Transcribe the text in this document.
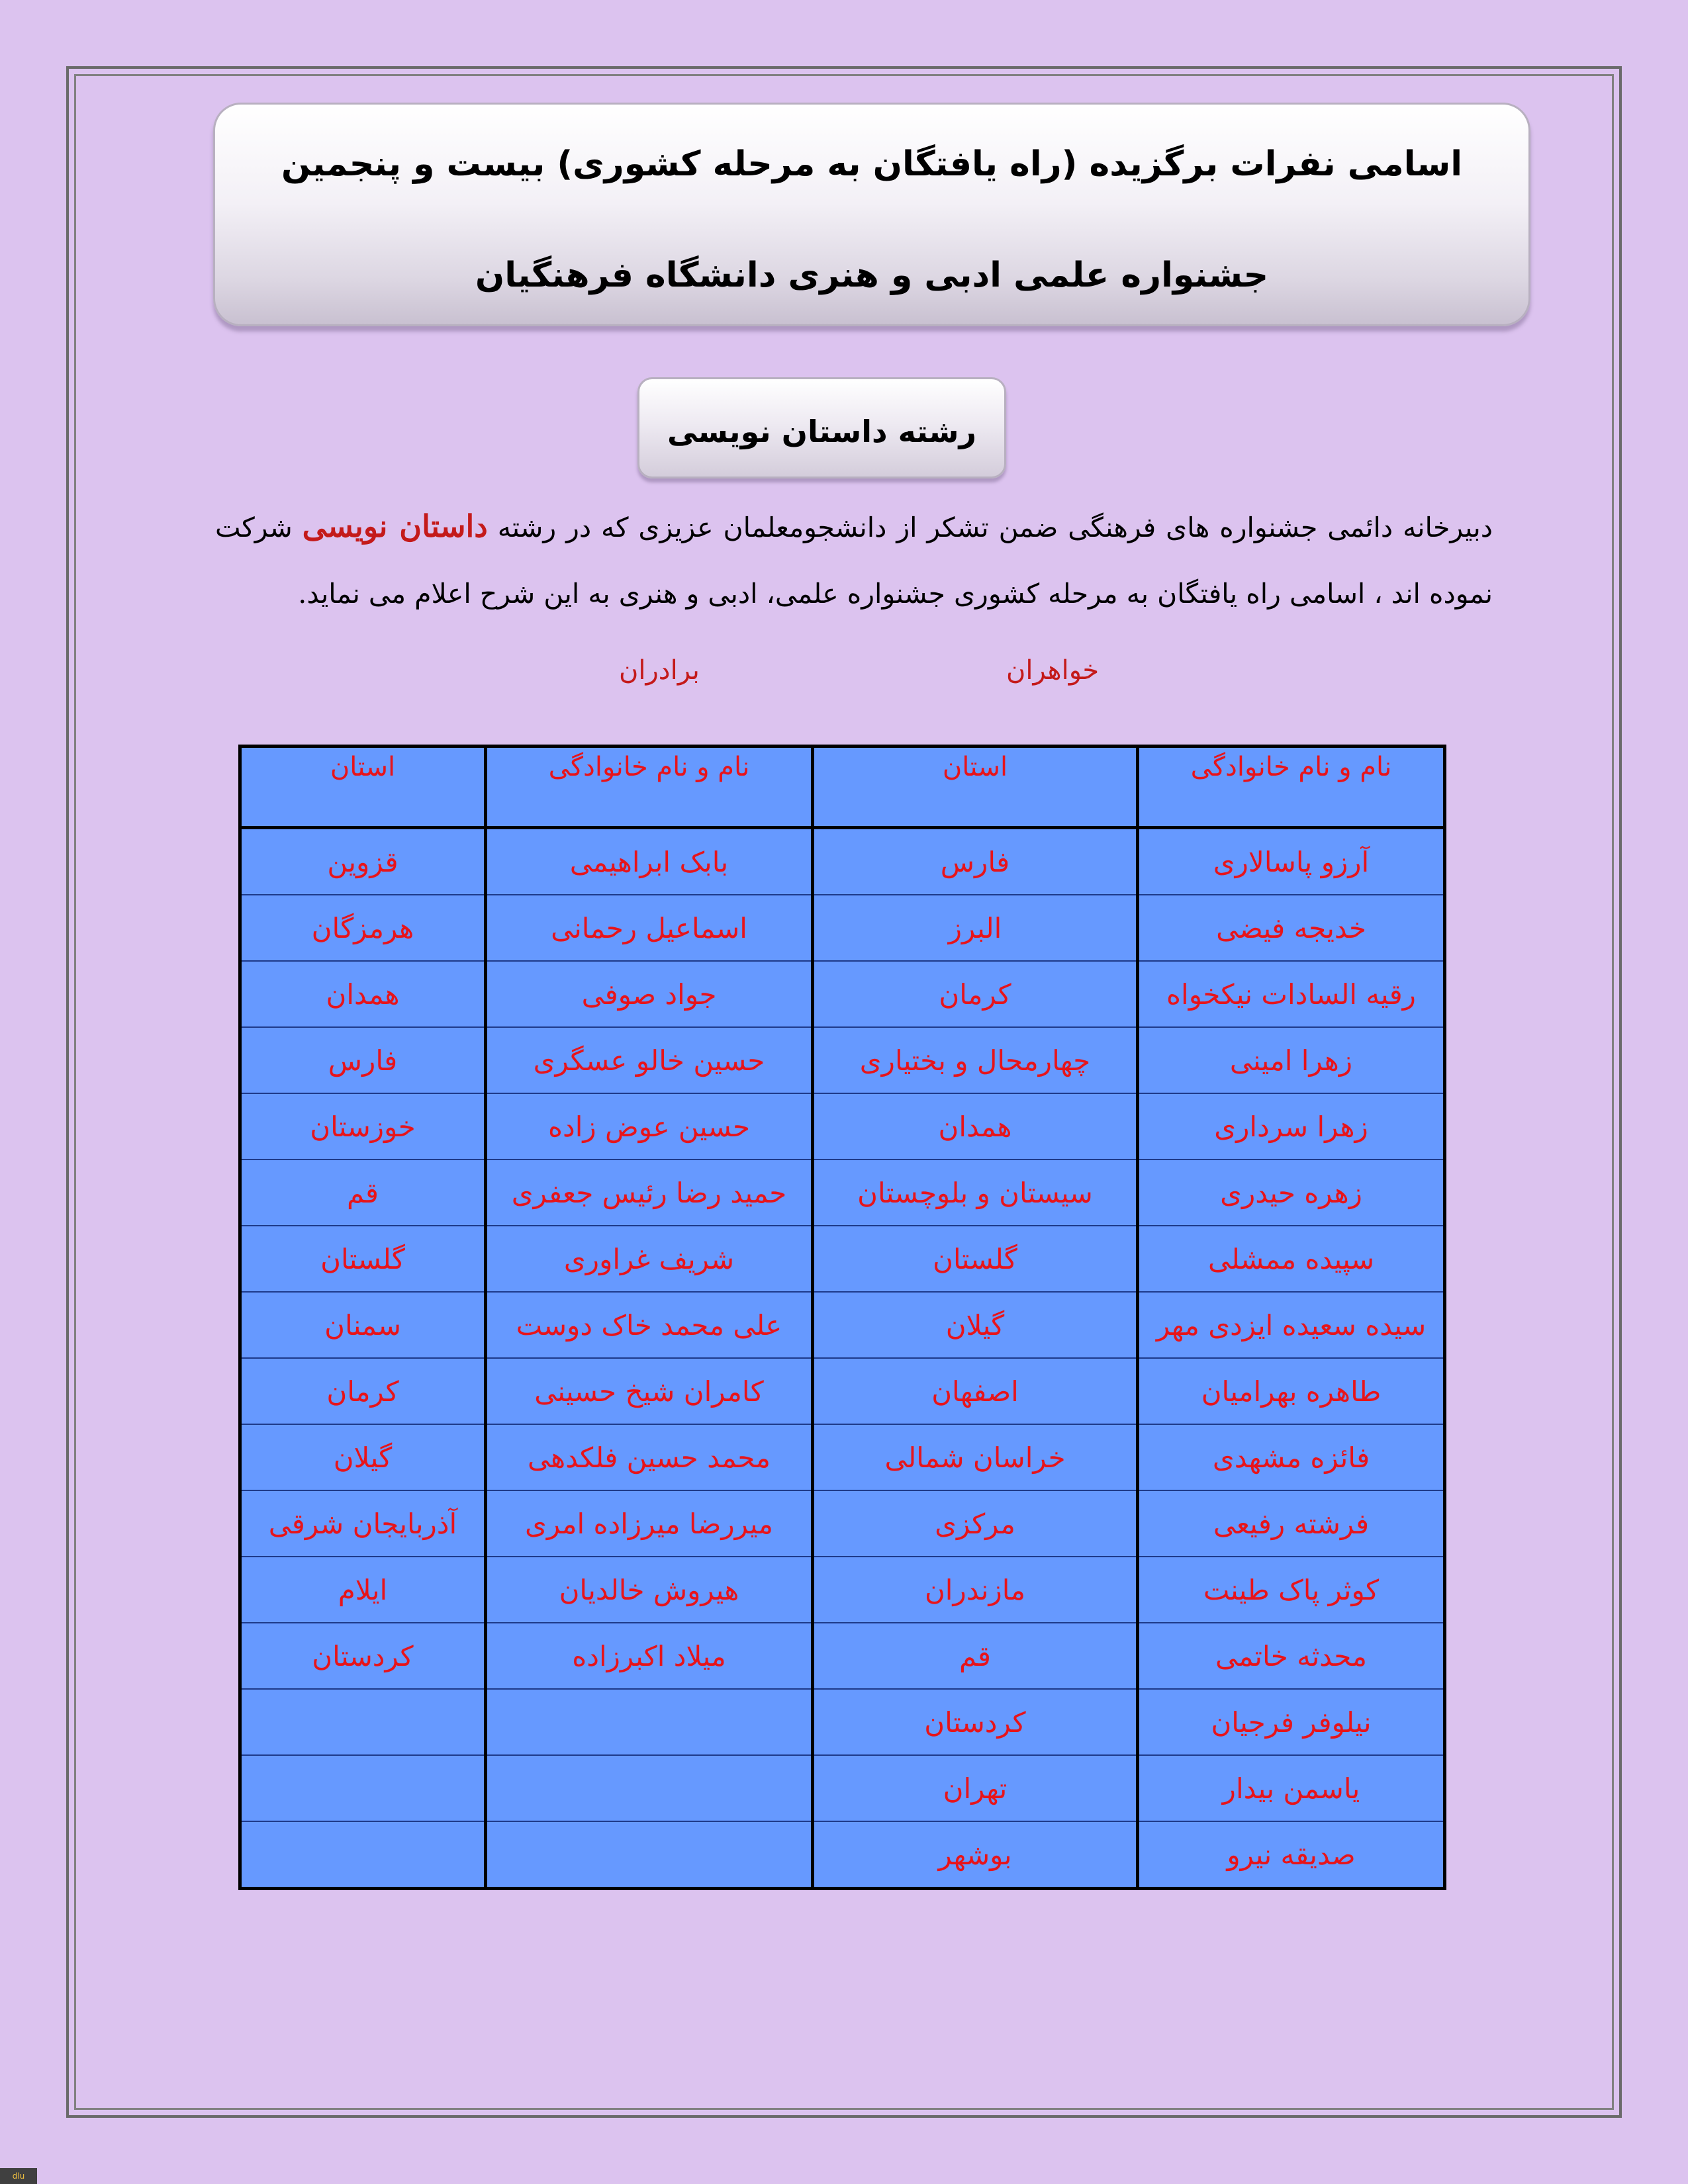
اسامی نفرات برگزیده (راه یافتگان به مرحله کشوری) بیست و پنجمین
جشنواره علمی ادبی و هنری دانشگاه فرهنگیان
رشته داستان نویسی
دبیرخانه دائمی جشنواره های فرهنگی ضمن تشکر از دانشجومعلمان عزیزی که در رشته داستان نویسی شرکت نموده اند ، اسامی راه یافتگان به مرحله کشوری جشنواره علمی، ادبی و هنری به این شرح اعلام می نماید.
خواهران
برادران
نام و نام خانوادگی	استان	نام و نام خانوادگی	استان
آرزو پاسالاری	فارس	بابک ابراهیمی	قزوین
خدیجه فیضی	البرز	اسماعیل رحمانی	هرمزگان
رقیه السادات نیکخواه	کرمان	جواد صوفی	همدان
زهرا امینی	چهارمحال و بختیاری	حسین خالو عسگری	فارس
زهرا سرداری	همدان	حسین عوض زاده	خوزستان
زهره حیدری	سیستان و بلوچستان	حمید رضا رئیس جعفری	قم
سپیده ممشلی	گلستان	شریف غراوری	گلستان
سیده سعیده ایزدی مهر	گیلان	علی محمد خاک دوست	سمنان
طاهره بهرامیان	اصفهان	کامران شیخ حسینی	کرمان
فائزه مشهدی	خراسان شمالی	محمد حسین فلکدهی	گیلان
فرشته رفیعی	مرکزی	میررضا میرزاده امری	آذربایجان شرقی
کوثر پاک طینت	مازندران	هیروش خالدیان	ایلام
محدثه خاتمی	قم	میلاد اکبرزاده	کردستان
نیلوفر فرجیان	کردستان		
یاسمن بیدار	تهران		
صدیقه نیرو	بوشهر		
dlu
